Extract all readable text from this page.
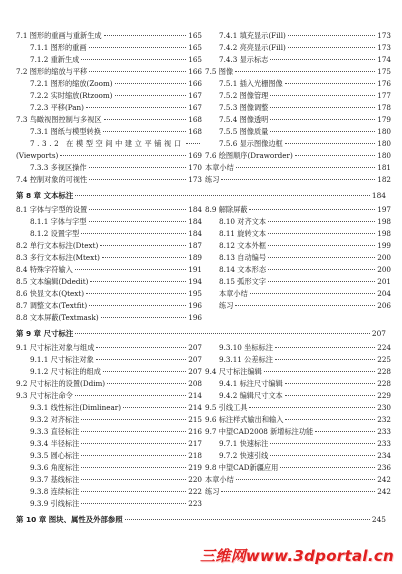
7.1 图形的重画与重新生成	165
7.1.1 图形的重画	165
7.1.2 重新生成	165
7.2 图形的缩放与平移	166
7.2.1 图形的缩放(Zoom)	166
7.2.2 实时缩放(Rtzoom)	167
7.2.3 平移(Pan)	167
7.3 鸟瞰视图控制与多视区	168
7.3.1 图纸与模型转换	168
7.3.2 在模型空间中建立平铺视口
(Viewports)	169
7.3.3 多视区操作	170
7.4 控制对象的可视性	173
7.4.1 填充显示(Fill)	173
7.4.2 亮亮显示(Fill)	173
7.4.3 显示标志	174
7.5 图像	175
7.5.1 插入光栅图像	176
7.5.2 图像管理	177
7.5.3 图像调整	178
7.5.4 图像透明	179
7.5.5 图像质量	180
7.5.6 显示图像边框	180
7.6 绘图顺序(Draworder)	180
本章小结	181
练习	182
第 8 章 文本标注	184
8.1 字体与字型的设置	184
8.1.1 字体与字型	184
8.1.2 设置字型	184
8.2 单行文本标注(Dtext)	187
8.3 多行文本标注(Mtext)	189
8.4 特殊字符输入	191
8.5 文本编辑(Ddedit)	194
8.6 快显文本(Qtext)	195
8.7 调整文本(Textfit)	196
8.8 文本屏蔽(Textmask)	196
8.9 解除屏蔽	197
8.10 对齐文本	198
8.11 旋转文本	198
8.12 文本外框	199
8.13 自动编号	200
8.14 文本形态	200
8.15 弧形文字	201
本章小结	204
练习	206
第 9 章 尺寸标注	207
9.1 尺寸标注对象与组成	207
9.1.1 尺寸标注对象	207
9.1.2 尺寸标注的组成	207
9.2 尺寸标注的设置(Ddim)	208
9.3 尺寸标注命令	214
9.3.1 线性标注(Dimlinear)	214
9.3.2 对齐标注	215
9.3.3 直径标注	216
9.3.4 半径标注	217
9.3.5 圆心标注	218
9.3.6 角度标注	219
9.3.7 基线标注	220
9.3.8 连续标注	222
9.3.9 引线标注	223
9.3.10 坐标标注	224
9.3.11 公差标注	225
9.4 尺寸标注编辑	228
9.4.1 标注尺寸编辑	228
9.4.2 编辑尺寸文本	229
9.5 引线工具	230
9.6 标注样式输出和输入	232
9.7 中望CAD2008 新增标注功能	233
9.7.1 快速标注	233
9.7.2 快速引线	234
9.8 中望CAD新疆应用	236
本章小结	242
练习	242
第 10 章 图块、属性及外部参照	245
三维网www.3dportal.cn
